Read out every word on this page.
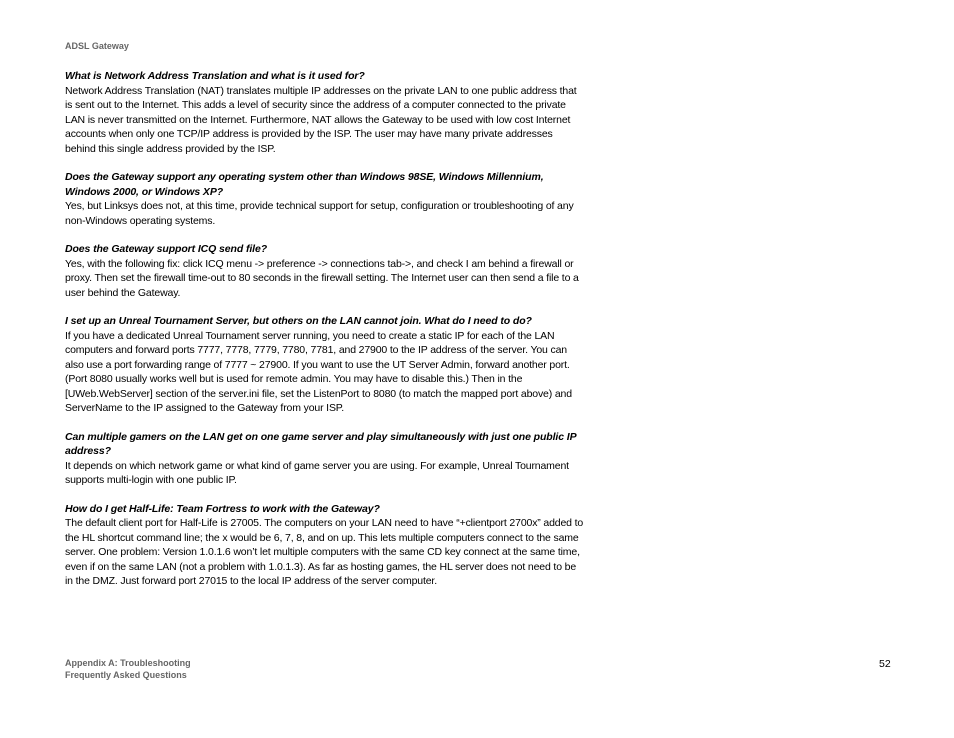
ADSL Gateway

What is Network Address Translation and what is it used for?

Network Address Translation (NAT) translates multiple IP addresses on the private LAN to one public address that is sent out to the Internet. This adds a level of security since the address of a computer connected to the private LAN is never transmitted on the Internet. Furthermore, NAT allows the Gateway to be used with low cost Internet accounts when only one TCP/IP address is provided by the ISP. The user may have many private addresses behind this single address provided by the ISP.

Does the Gateway support any operating system other than Windows 98SE, Windows Millennium, Windows 2000, or Windows XP?

Yes, but Linksys does not, at this time, provide technical support for setup, configuration or troubleshooting of any non-Windows operating systems.

Does the Gateway support ICQ send file?

Yes, with the following fix: click ICQ menu -> preference -> connections tab->, and check I am behind a firewall or proxy. Then set the firewall time-out to 80 seconds in the firewall setting. The Internet user can then send a file to a user behind the Gateway.

I set up an Unreal Tournament Server, but others on the LAN cannot join. What do I need to do?

If you have a dedicated Unreal Tournament server running, you need to create a static IP for each of the LAN computers and forward ports 7777, 7778, 7779, 7780, 7781, and 27900 to the IP address of the server. You can also use a port forwarding range of 7777 ~ 27900. If you want to use the UT Server Admin, forward another port. (Port 8080 usually works well but is used for remote admin. You may have to disable this.) Then in the [UWeb.WebServer] section of the server.ini file, set the ListenPort to 8080 (to match the mapped port above) and ServerName to the IP assigned to the Gateway from your ISP.

Can multiple gamers on the LAN get on one game server and play simultaneously with just one public IP address?

It depends on which network game or what kind of game server you are using. For example, Unreal Tournament supports multi-login with one public IP.

How do I get Half-Life: Team Fortress to work with the Gateway?

The default client port for Half-Life is 27005. The computers on your LAN need to have “+clientport 2700x” added to the HL shortcut command line; the x would be 6, 7, 8, and on up. This lets multiple computers connect to the same server. One problem: Version 1.0.1.6 won’t let multiple computers with the same CD key connect at the same time, even if on the same LAN (not a problem with 1.0.1.3). As far as hosting games, the HL server does not need to be in the DMZ. Just forward port 27015 to the local IP address of the server computer.

Appendix A: Troubleshooting
Frequently Asked Questions
52
